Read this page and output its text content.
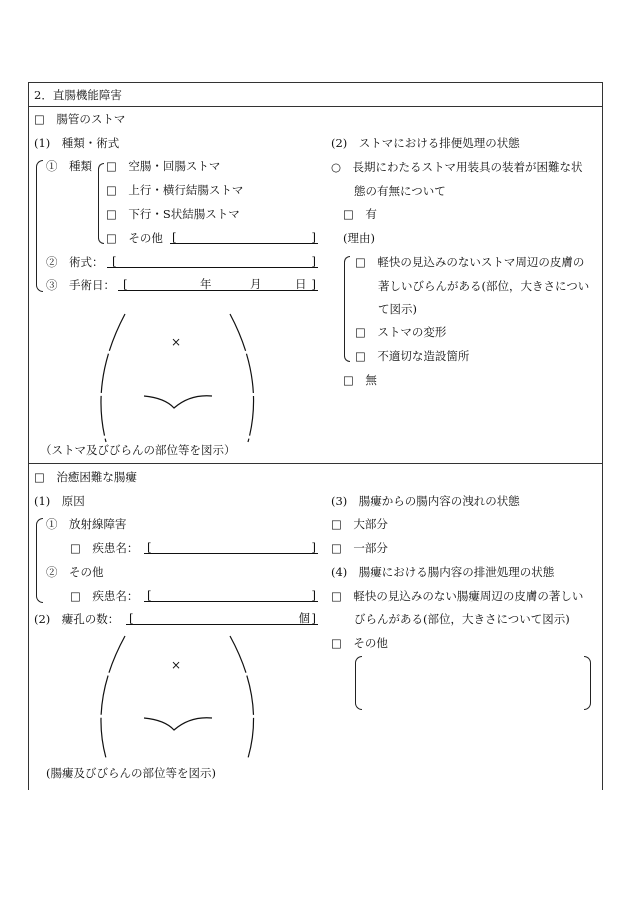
2．直腸機能障害
□　腸管のストマ
(1)　種類・術式
①　種類 □　空腸・回腸ストマ
□　上行・横行結腸ストマ
□　下行・S状結腸ストマ
□　その他 [	]
②　術式： [	]
③　手術日： [	年	月	日 ]
×
（ストマ及びびらんの部位等を図示）
(2)　ストマにおける排便処理の状態
○　長期にわたるストマ用装具の装着が困難な状
態の有無について
□　有
(理由)
□　軽快の見込みのないストマ周辺の皮膚の
著しいびらんがある(部位，大きさについ
て図示)
□　ストマの変形
□　不適切な造設箇所
□　無
□　治癒困難な腸瘻
(1)　原因
①　放射線障害
□　疾患名： [	]
②　その他
□　疾患名： [	]
(2)　瘻孔の数： [	個 ]
×
(腸瘻及びびらんの部位等を図示)
(3)　腸瘻からの腸内容の洩れの状態
□　大部分
□　一部分
(4)　腸瘻における腸内容の排泄処理の状態
□　軽快の見込みのない腸瘻周辺の皮膚の著しい
びらんがある(部位，大きさについて図示)
□　その他
